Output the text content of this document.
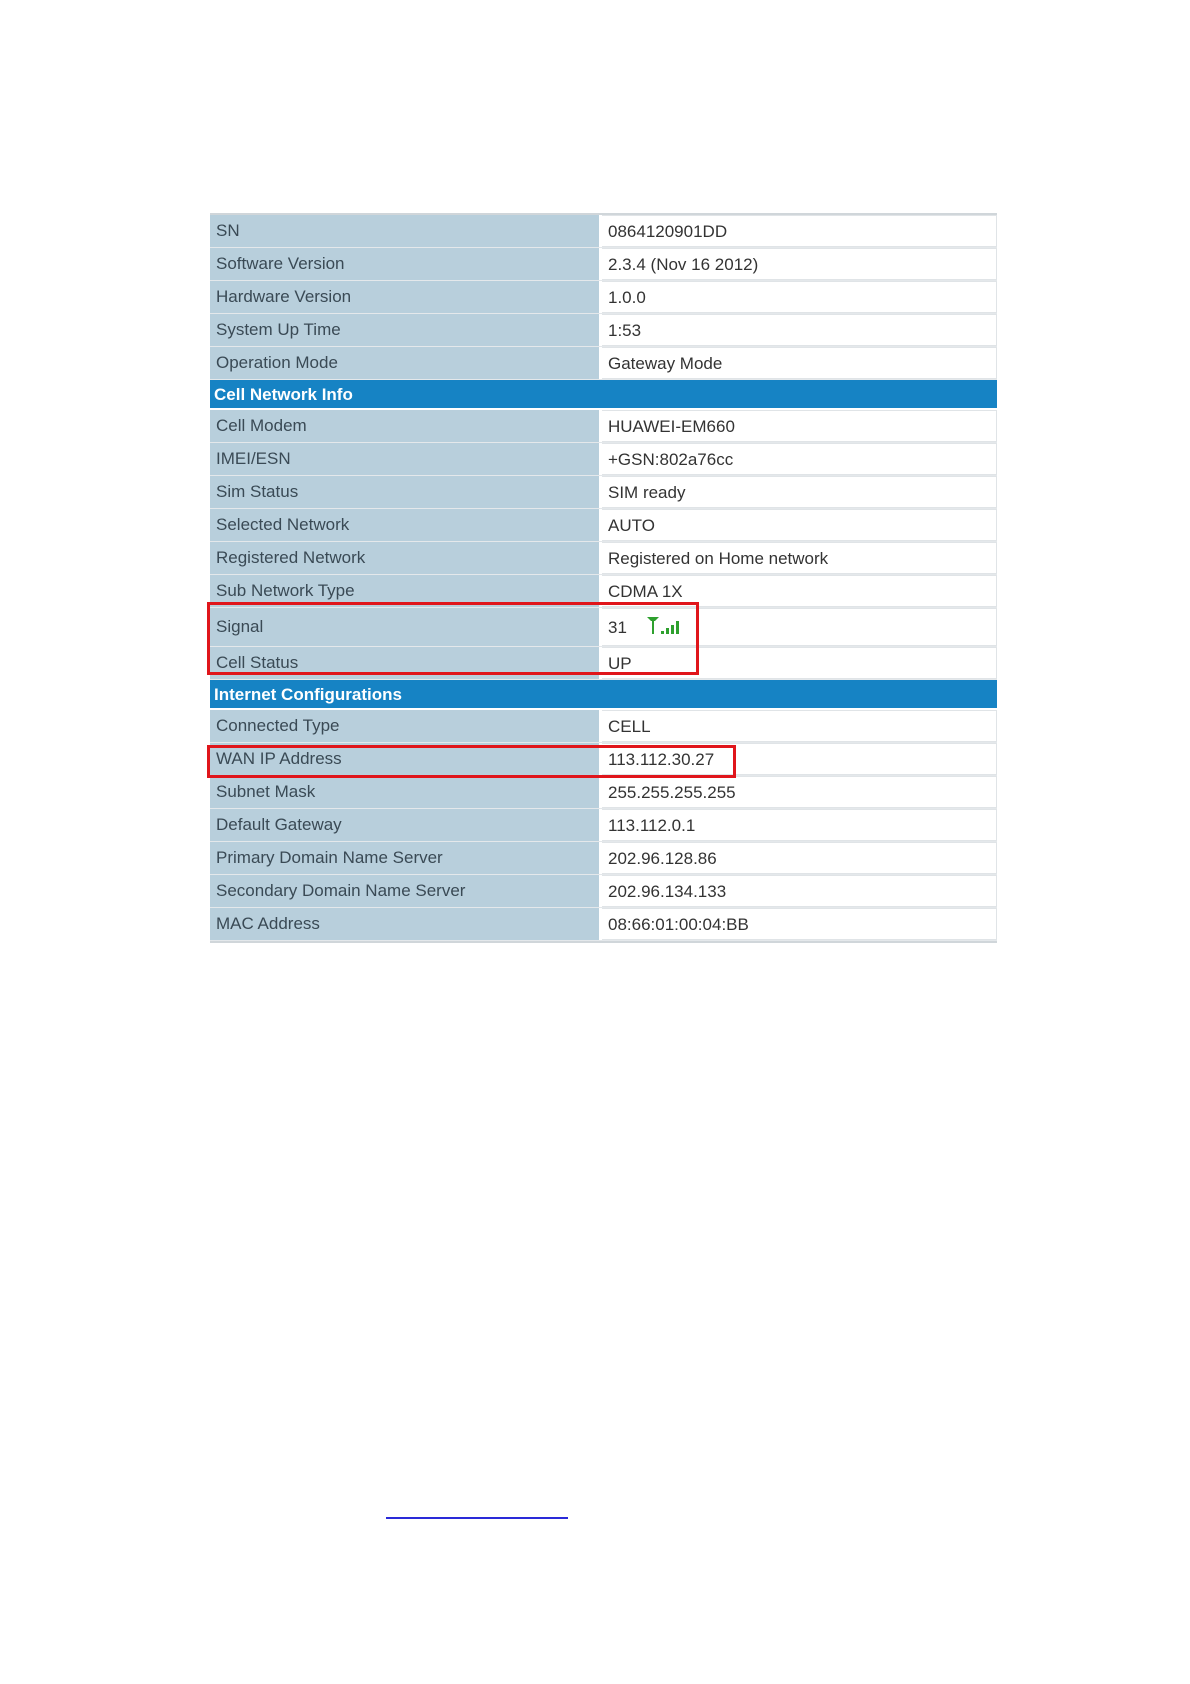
SN	0864120901DD
Software Version	2.3.4 (Nov 16 2012)
Hardware Version	1.0.0
System Up Time	1:53
Operation Mode	Gateway Mode
Cell Network Info
Cell Modem	HUAWEI-EM660
IMEI/ESN	+GSN:802a76cc
Sim Status	SIM ready
Selected Network	AUTO
Registered Network	Registered on Home network
Sub Network Type	CDMA 1X
Signal	31
Cell Status	UP
Internet Configurations
Connected Type	CELL
WAN IP Address	113.112.30.27
Subnet Mask	255.255.255.255
Default Gateway	113.112.0.1
Primary Domain Name Server	202.96.128.86
Secondary Domain Name Server	202.96.134.133
MAC Address	08:66:01:00:04:BB
